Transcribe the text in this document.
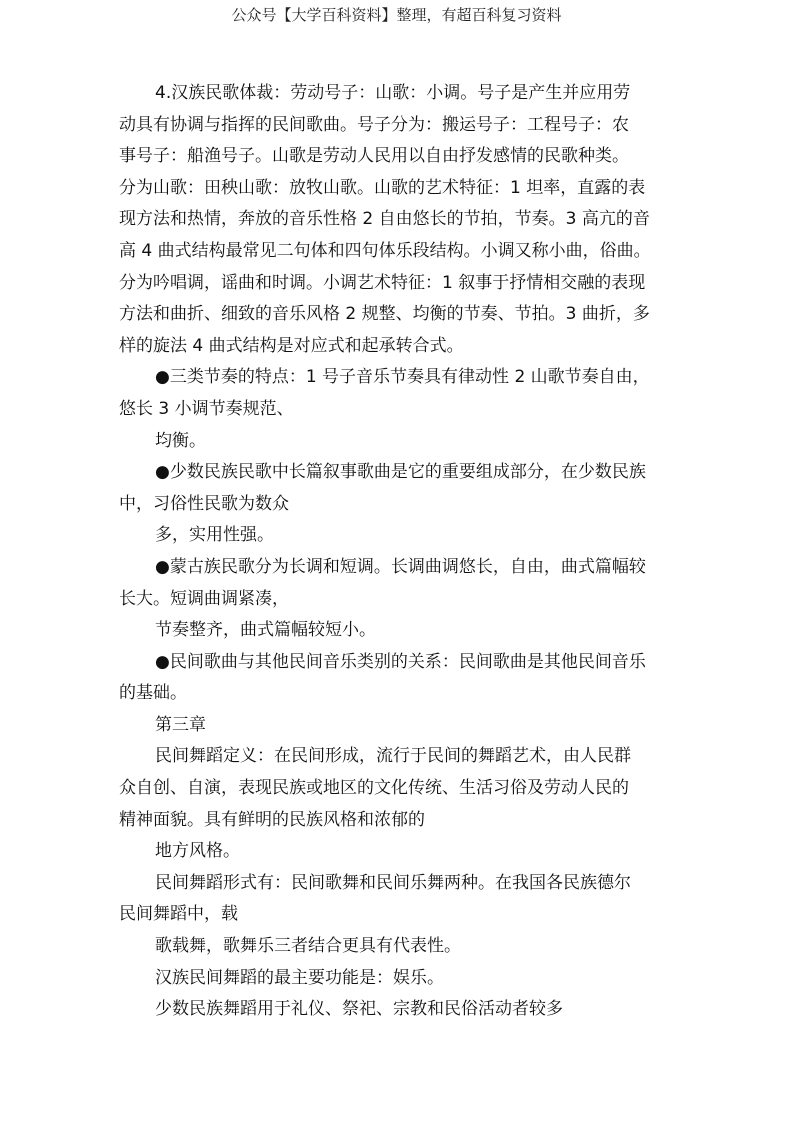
公众号【大学百科资料】整理，有超百科复习资料
4.汉族民歌体裁：劳动号子：山歌：小调。号子是产生并应用劳
动具有协调与指挥的民间歌曲。号子分为：搬运号子：工程号子：农
事号子：船渔号子。山歌是劳动人民用以自由抒发感情的民歌种类。
分为山歌：田秧山歌：放牧山歌。山歌的艺术特征：1 坦率，直露的表
现方法和热情，奔放的音乐性格 2 自由悠长的节拍，节奏。3 高亢的音
高 4 曲式结构最常见二句体和四句体乐段结构。小调又称小曲，俗曲。
分为吟唱调，谣曲和时调。小调艺术特征：1 叙事于抒情相交融的表现
方法和曲折、细致的音乐风格 2 规整、均衡的节奏、节拍。3 曲折，多
样的旋法 4 曲式结构是对应式和起承转合式。
●三类节奏的特点：1 号子音乐节奏具有律动性 2 山歌节奏自由，
悠长 3 小调节奏规范、
均衡。
●少数民族民歌中长篇叙事歌曲是它的重要组成部分，在少数民族
中，习俗性民歌为数众
多，实用性强。
●蒙古族民歌分为长调和短调。长调曲调悠长，自由，曲式篇幅较
长大。短调曲调紧凑，
节奏整齐，曲式篇幅较短小。
●民间歌曲与其他民间音乐类别的关系：民间歌曲是其他民间音乐
的基础。
第三章
民间舞蹈定义：在民间形成，流行于民间的舞蹈艺术，由人民群
众自创、自演，表现民族或地区的文化传统、生活习俗及劳动人民的
精神面貌。具有鲜明的民族风格和浓郁的
地方风格。
民间舞蹈形式有：民间歌舞和民间乐舞两种。在我国各民族德尔
民间舞蹈中，载
歌载舞，歌舞乐三者结合更具有代表性。
汉族民间舞蹈的最主要功能是：娱乐。
少数民族舞蹈用于礼仪、祭祀、宗教和民俗活动者较多
